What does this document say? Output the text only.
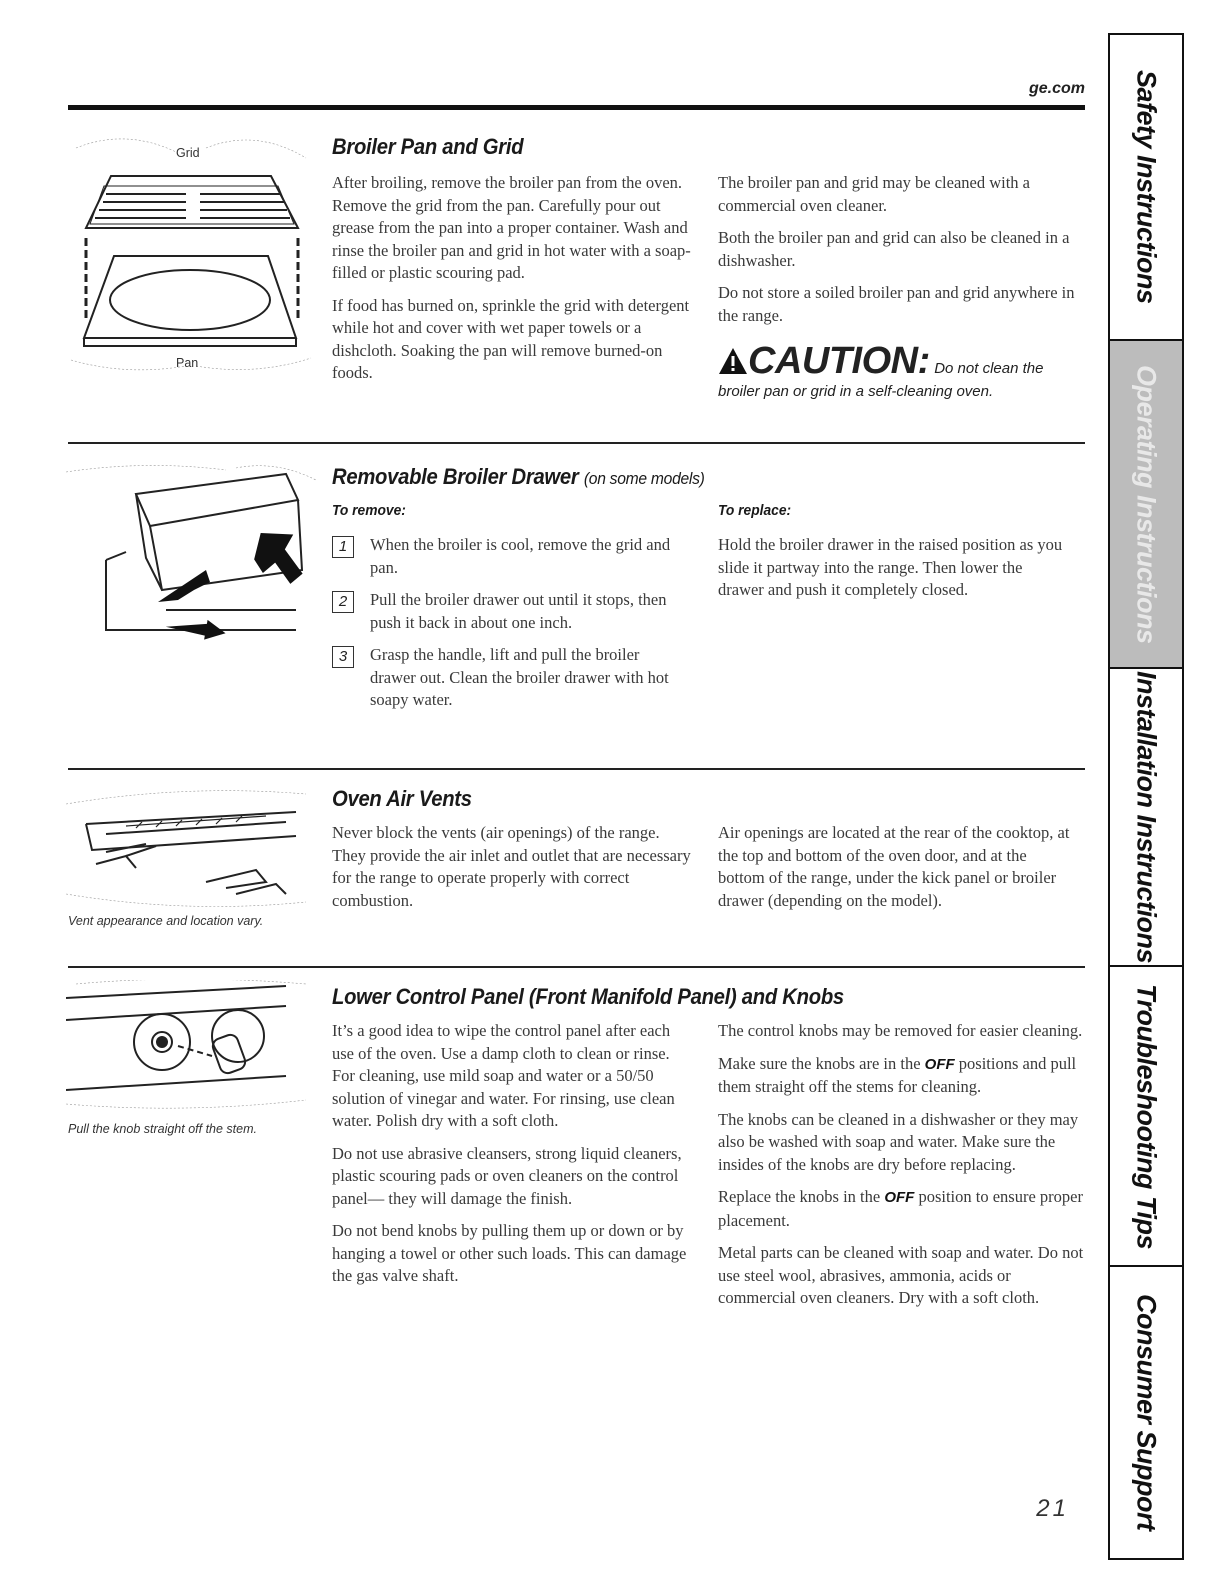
ge.com
Grid
Pan
Broiler Pan and Grid

After broiling, remove the broiler pan from the oven. Remove the grid from the pan. Carefully pour out grease from the pan into a proper container. Wash and rinse the broiler pan and grid in hot water with a soap-filled or plastic scouring pad.

If food has burned on, sprinkle the grid with detergent while hot and cover with wet paper towels or a dishcloth. Soaking the pan will remove burned-on foods.

The broiler pan and grid may be cleaned with a commercial oven cleaner.

Both the broiler pan and grid can also be cleaned in a dishwasher.

Do not store a soiled broiler pan and grid anywhere in the range.

CAUTION: Do not clean the broiler pan or grid in a self-cleaning oven.
Removable Broiler Drawer (on some models)
To remove:
1	When the broiler is cool, remove the grid and pan.
2	Pull the broiler drawer out until it stops, then push it back in about one inch.
3	Grasp the handle, lift and pull the broiler drawer out. Clean the broiler drawer with hot soapy water.
To replace:
Hold the broiler drawer in the raised position as you slide it partway into the range. Then lower the drawer and push it completely closed.
Vent appearance and location vary.
Oven Air Vents
Never block the vents (air openings) of the range. They provide the air inlet and outlet that are necessary for the range to operate properly with correct combustion.
Air openings are located at the rear of the cooktop, at the top and bottom of the oven door, and at the bottom of the range, under the kick panel or broiler drawer (depending on the model).
Pull the knob straight off the stem.
Lower Control Panel (Front Manifold Panel) and Knobs

It’s a good idea to wipe the control panel after each use of the oven. Use a damp cloth to clean or rinse. For cleaning, use mild soap and water or a 50/50 solution of vinegar and water. For rinsing, use clean water. Polish dry with a soft cloth.

Do not use abrasive cleansers, strong liquid cleaners, plastic scouring pads or oven cleaners on the control panel— they will damage the finish.

Do not bend knobs by pulling them up or down or by hanging a towel or other such loads. This can damage the gas valve shaft.

The control knobs may be removed for easier cleaning.

Make sure the knobs are in the OFF positions and pull them straight off the stems for cleaning.

The knobs can be cleaned in a dishwasher or they may also be washed with soap and water. Make sure the insides of the knobs are dry before replacing.

Replace the knobs in the OFF position to ensure proper placement.

Metal parts can be cleaned with soap and water. Do not use steel wool, abrasives, ammonia, acids or commercial oven cleaners. Dry with a soft cloth.

21
Safety Instructions
Operating Instructions
Installation Instructions
Troubleshooting Tips
Consumer Support
